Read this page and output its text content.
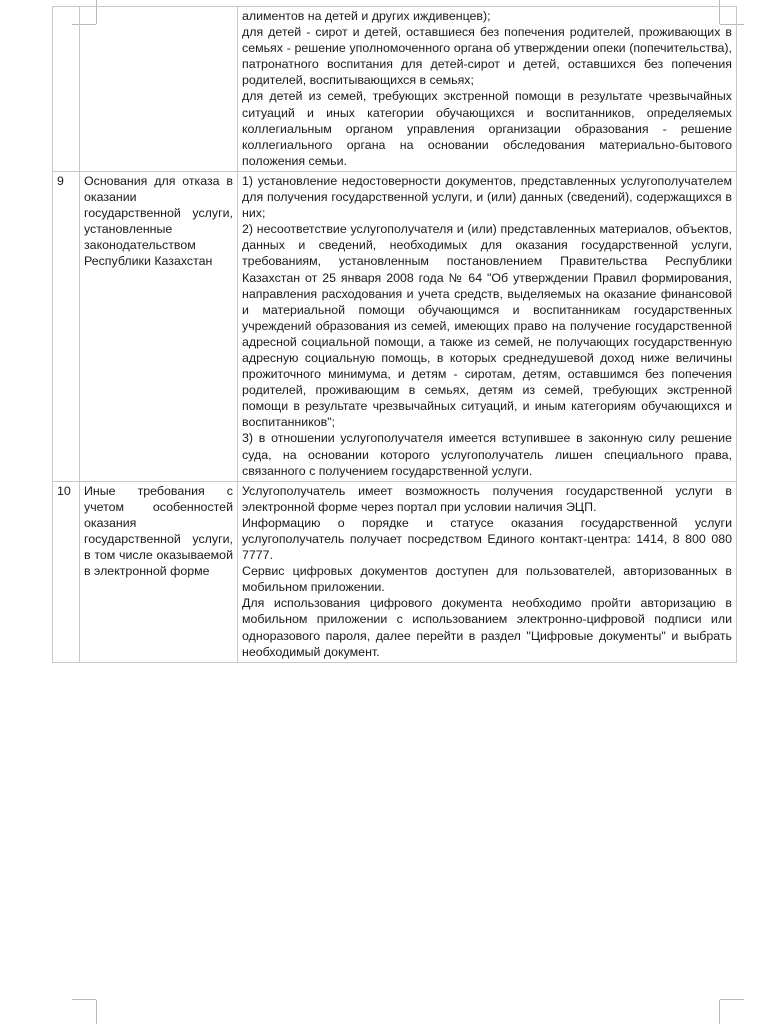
		алиментов на детей и других иждивенцев);

для детей - сирот и детей, оставшиеся без попечения родителей, проживающих в семьях - решение уполномоченного органа об утверждении опеки (попечительства), патронатного воспитания для детей-сирот и детей, оставшихся без попечения родителей, воспитывающихся в семьях;

для детей из семей, требующих экстренной помощи в результате чрезвычайных ситуаций и иных категории обучающихся и воспитанников, определяемых коллегиальным органом управления организации образования - решение коллегиального органа на основании обследования материально-бытового положения семьи.

9	Основания для отказа в оказании государственной услуги, установленные законодательством Республики Казахстан	1) установление недостоверности документов, представленных услугополучателем для получения государственной услуги, и (или) данных (сведений), содержащихся в них;

2) несоответствие услугополучателя и (или) представленных материалов, объектов, данных и сведений, необходимых для оказания государственной услуги, требованиям, установленным постановлением Правительства Республики Казахстан от 25 января 2008 года № 64 "Об утверждении Правил формирования, направления расходования и учета средств, выделяемых на оказание финансовой и материальной помощи обучающимся и воспитанникам государственных учреждений образования из семей, имеющих право на получение государственной адресной социальной помощи, а также из семей, не получающих государственную адресную социальную помощь, в которых среднедушевой доход ниже величины прожиточного минимума, и детям - сиротам, детям, оставшимся без попечения родителей, проживающим в семьях, детям из семей, требующих экстренной помощи в результате чрезвычайных ситуаций, и иным категориям обучающихся и воспитанников";

3) в отношении услугополучателя имеется вступившее в законную силу решение суда, на основании которого услугополучатель лишен специального права, связанного с получением государственной услуги.

10	Иные требования с учетом особенностей оказания государственной услуги, в том числе оказываемой в электронной форме	Услугополучатель имеет возможность получения государственной услуги в электронной форме через портал при условии наличия ЭЦП.

Информацию о порядке и статусе оказания государственной услуги услугополучатель получает посредством Единого контакт-центра: 1414, 8 800 080 7777.

Сервис цифровых документов доступен для пользователей, авторизованных в мобильном приложении.

Для использования цифрового документа необходимо пройти авторизацию в мобильном приложении с использованием электронно-цифровой подписи или одноразового пароля, далее перейти в раздел "Цифровые документы" и выбрать необходимый документ.
